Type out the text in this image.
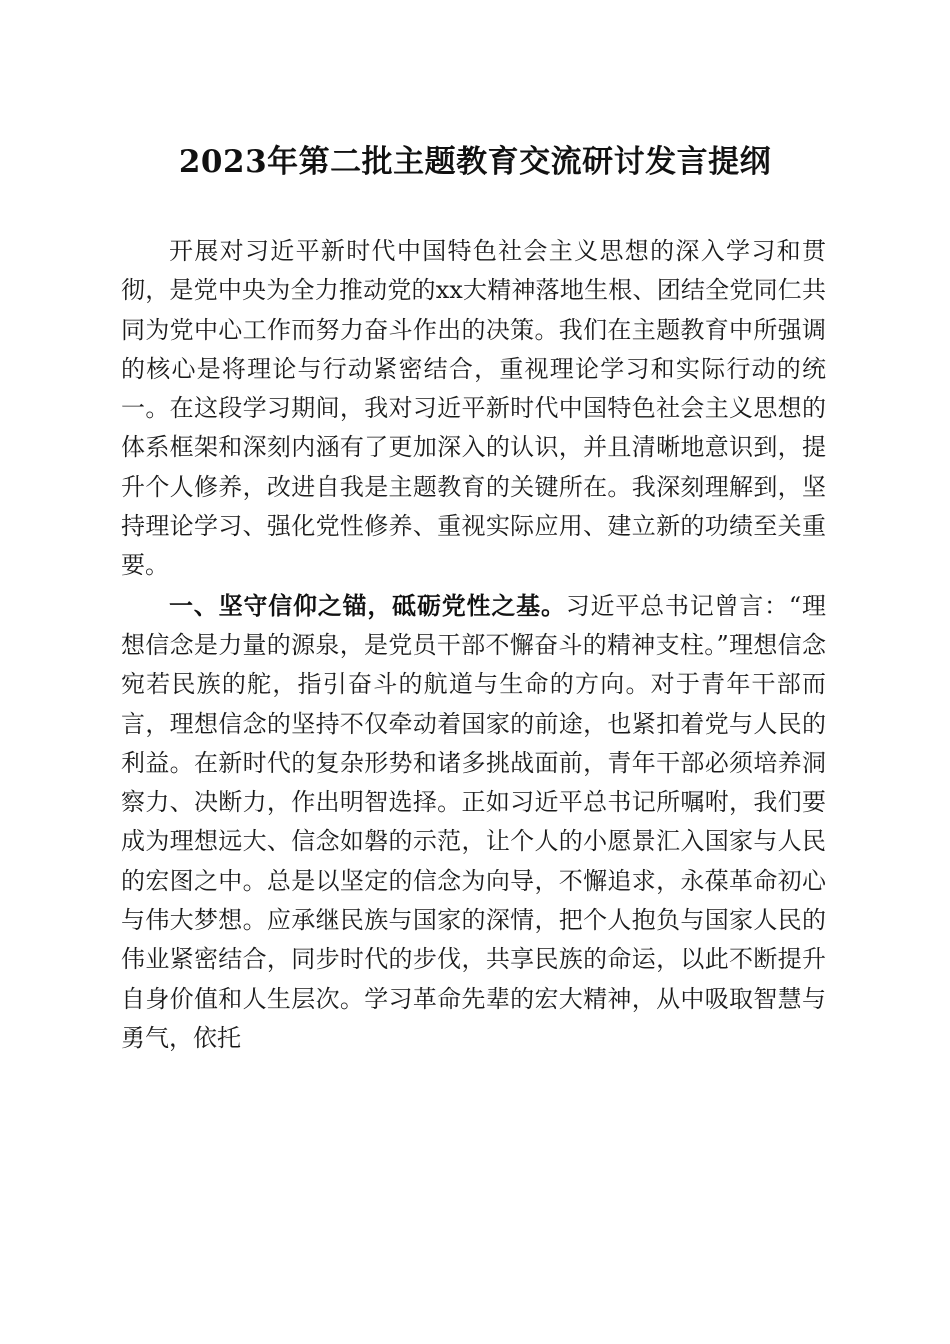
2023年第二批主题教育交流研讨发言提纲

开展对习近平新时代中国特色社会主义思想的深入学习和贯彻，是党中央为全力推动党的xx大精神落地生根、团结全党同仁共同为党中心工作而努力奋斗作出的决策。我们在主题教育中所强调的核心是将理论与行动紧密结合，重视理论学习和实际行动的统一。在这段学习期间，我对习近平新时代中国特色社会主义思想的体系框架和深刻内涵有了更加深入的认识，并且清晰地意识到，提升个人修养，改进自我是主题教育的关键所在。我深刻理解到，坚持理论学习、强化党性修养、重视实际应用、建立新的功绩至关重要。

一、坚守信仰之锚，砥砺党性之基。习近平总书记曾言：“理想信念是力量的源泉，是党员干部不懈奋斗的精神支柱。”理想信念宛若民族的舵，指引奋斗的航道与生命的方向。对于青年干部而言，理想信念的坚持不仅牵动着国家的前途，也紧扣着党与人民的利益。在新时代的复杂形势和诸多挑战面前，青年干部必须培养洞察力、决断力，作出明智选择。正如习近平总书记所嘱咐，我们要成为理想远大、信念如磐的示范，让个人的小愿景汇入国家与人民的宏图之中。总是以坚定的信念为向导，不懈追求，永葆革命初心与伟大梦想。应承继民族与国家的深情，把个人抱负与国家人民的伟业紧密结合，同步时代的步伐，共享民族的命运，以此不断提升自身价值和人生层次。学习革命先辈的宏大精神，从中吸取智慧与勇气，依托
